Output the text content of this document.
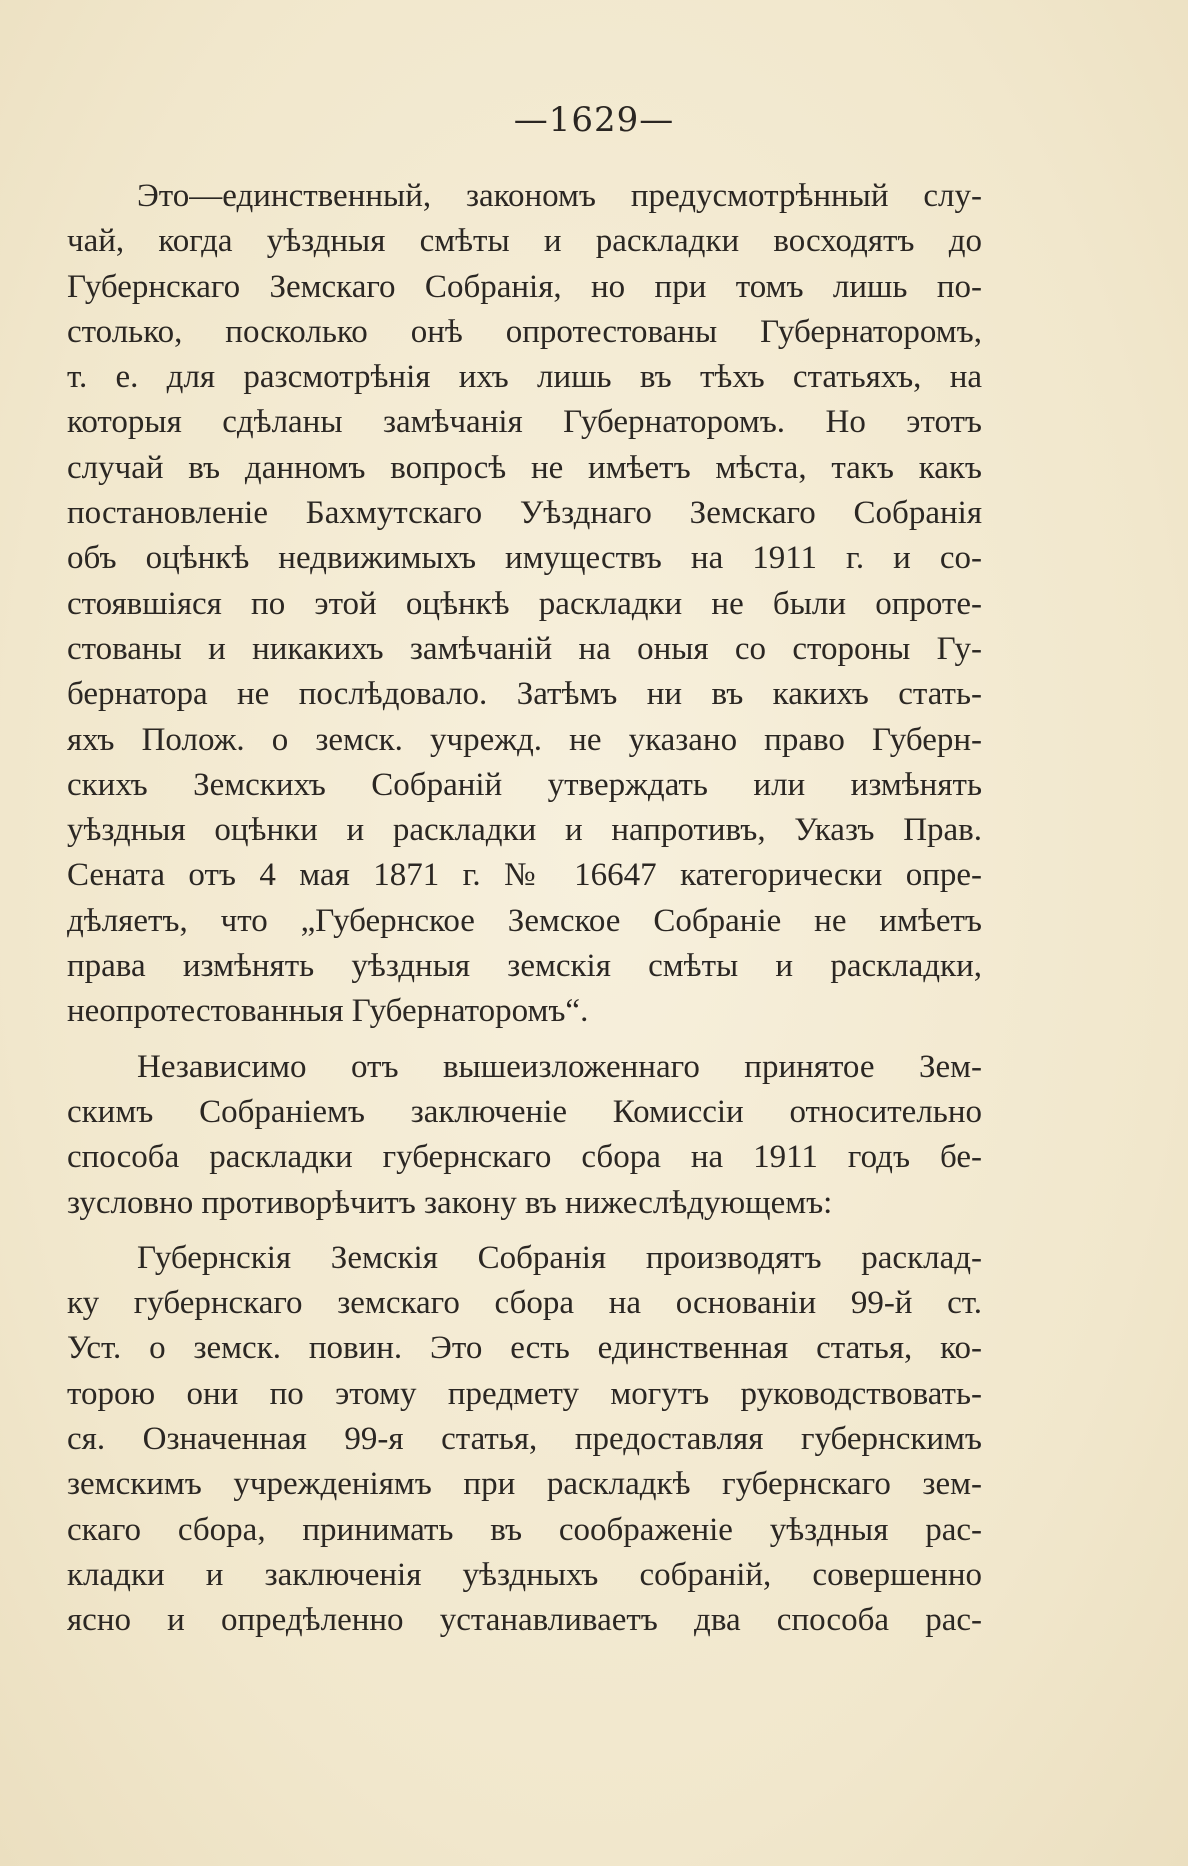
—1629—

Это—единственный, закономъ предусмотрѣнный слу-
чай, когда уѣздныя смѣты и раскладки восходятъ до
Губернскаго Земскаго Собранія, но при томъ лишь по-
столько, посколько онѣ опротестованы Губернаторомъ,
т. е. для разсмотрѣнія ихъ лишь въ тѣхъ статьяхъ, на
которыя сдѣланы замѣчанія Губернаторомъ. Но этотъ
случай въ данномъ вопросѣ не имѣетъ мѣста, такъ какъ
постановленіе Бахмутскаго Уѣзднаго Земскаго Собранія
объ оцѣнкѣ недвижимыхъ имуществъ на 1911 г. и со-
стоявшіяся по этой оцѣнкѣ раскладки не были опроте-
стованы и никакихъ замѣчаній на оныя со стороны Гу-
бернатора не послѣдовало. Затѣмъ ни въ какихъ стать-
яхъ Полож. о земск. учрежд. не указано право Губерн-
скихъ Земскихъ Собраній утверждать или измѣнять
уѣздныя оцѣнки и раскладки и напротивъ, Указъ Прав.
Сената отъ 4 мая 1871 г. № 16647 категорически опре-
дѣляетъ, что „Губернское Земское Собраніе не имѣетъ
права измѣнять уѣздныя земскія смѣты и раскладки,
неопротестованныя Губернаторомъ“.

Независимо отъ вышеизложеннаго принятое Зем-
скимъ Собраніемъ заключеніе Комиссіи относительно
способа раскладки губернскаго сбора на 1911 годъ бе-
зусловно противорѣчитъ закону въ нижеслѣдующемъ:

Губернскія Земскія Собранія производятъ расклад-
ку губернскаго земскаго сбора на основаніи 99-й ст.
Уст. о земск. повин. Это есть единственная статья, ко-
торою они по этому предмету могутъ руководствовать-
ся. Означенная 99-я статья, предоставляя губернскимъ
земскимъ учрежденіямъ при раскладкѣ губернскаго зем-
скаго сбора, принимать въ соображеніе уѣздныя рас-
кладки и заключенія уѣздныхъ собраній, совершенно
ясно и опредѣленно устанавливаетъ два способа рас-
